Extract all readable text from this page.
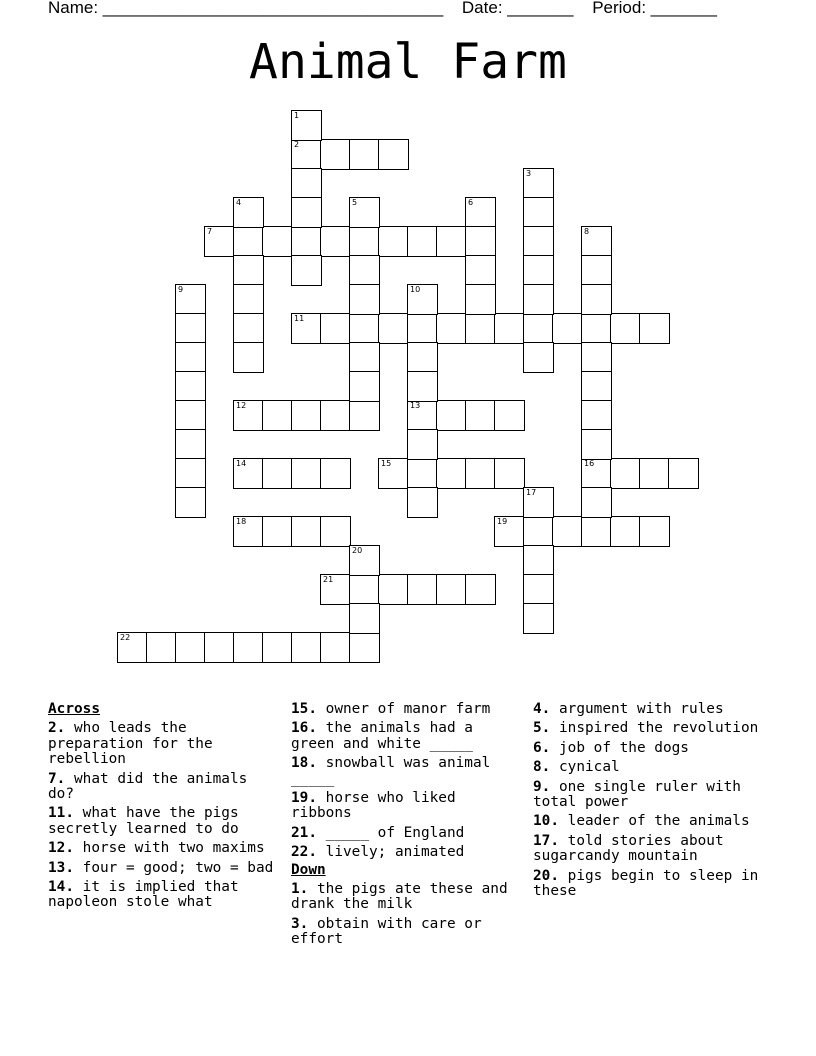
Name: ____________________________________ Date: _______ Period: _______
Animal Farm
2
7
11
12	13
14	15	16
18	19
21
22
1
3
4	5	6
8
9	10
17
20
Across
2. who leads the preparation for the rebellion
7. what did the animals do?
11. what have the pigs secretly learned to do
12. horse with two maxims
13. four = good; two = bad
14. it is implied that napoleon stole what
15. owner of manor farm
16. the animals had a green and white _____
18. snowball was animal _____
19. horse who liked ribbons
21. _____ of England
22. lively; animated
Down
1. the pigs ate these and drank the milk
3. obtain with care or effort
4. argument with rules
5. inspired the revolution
6. job of the dogs
8. cynical
9. one single ruler with total power
10. leader of the animals
17. told stories about sugarcandy mountain
20. pigs begin to sleep in these
